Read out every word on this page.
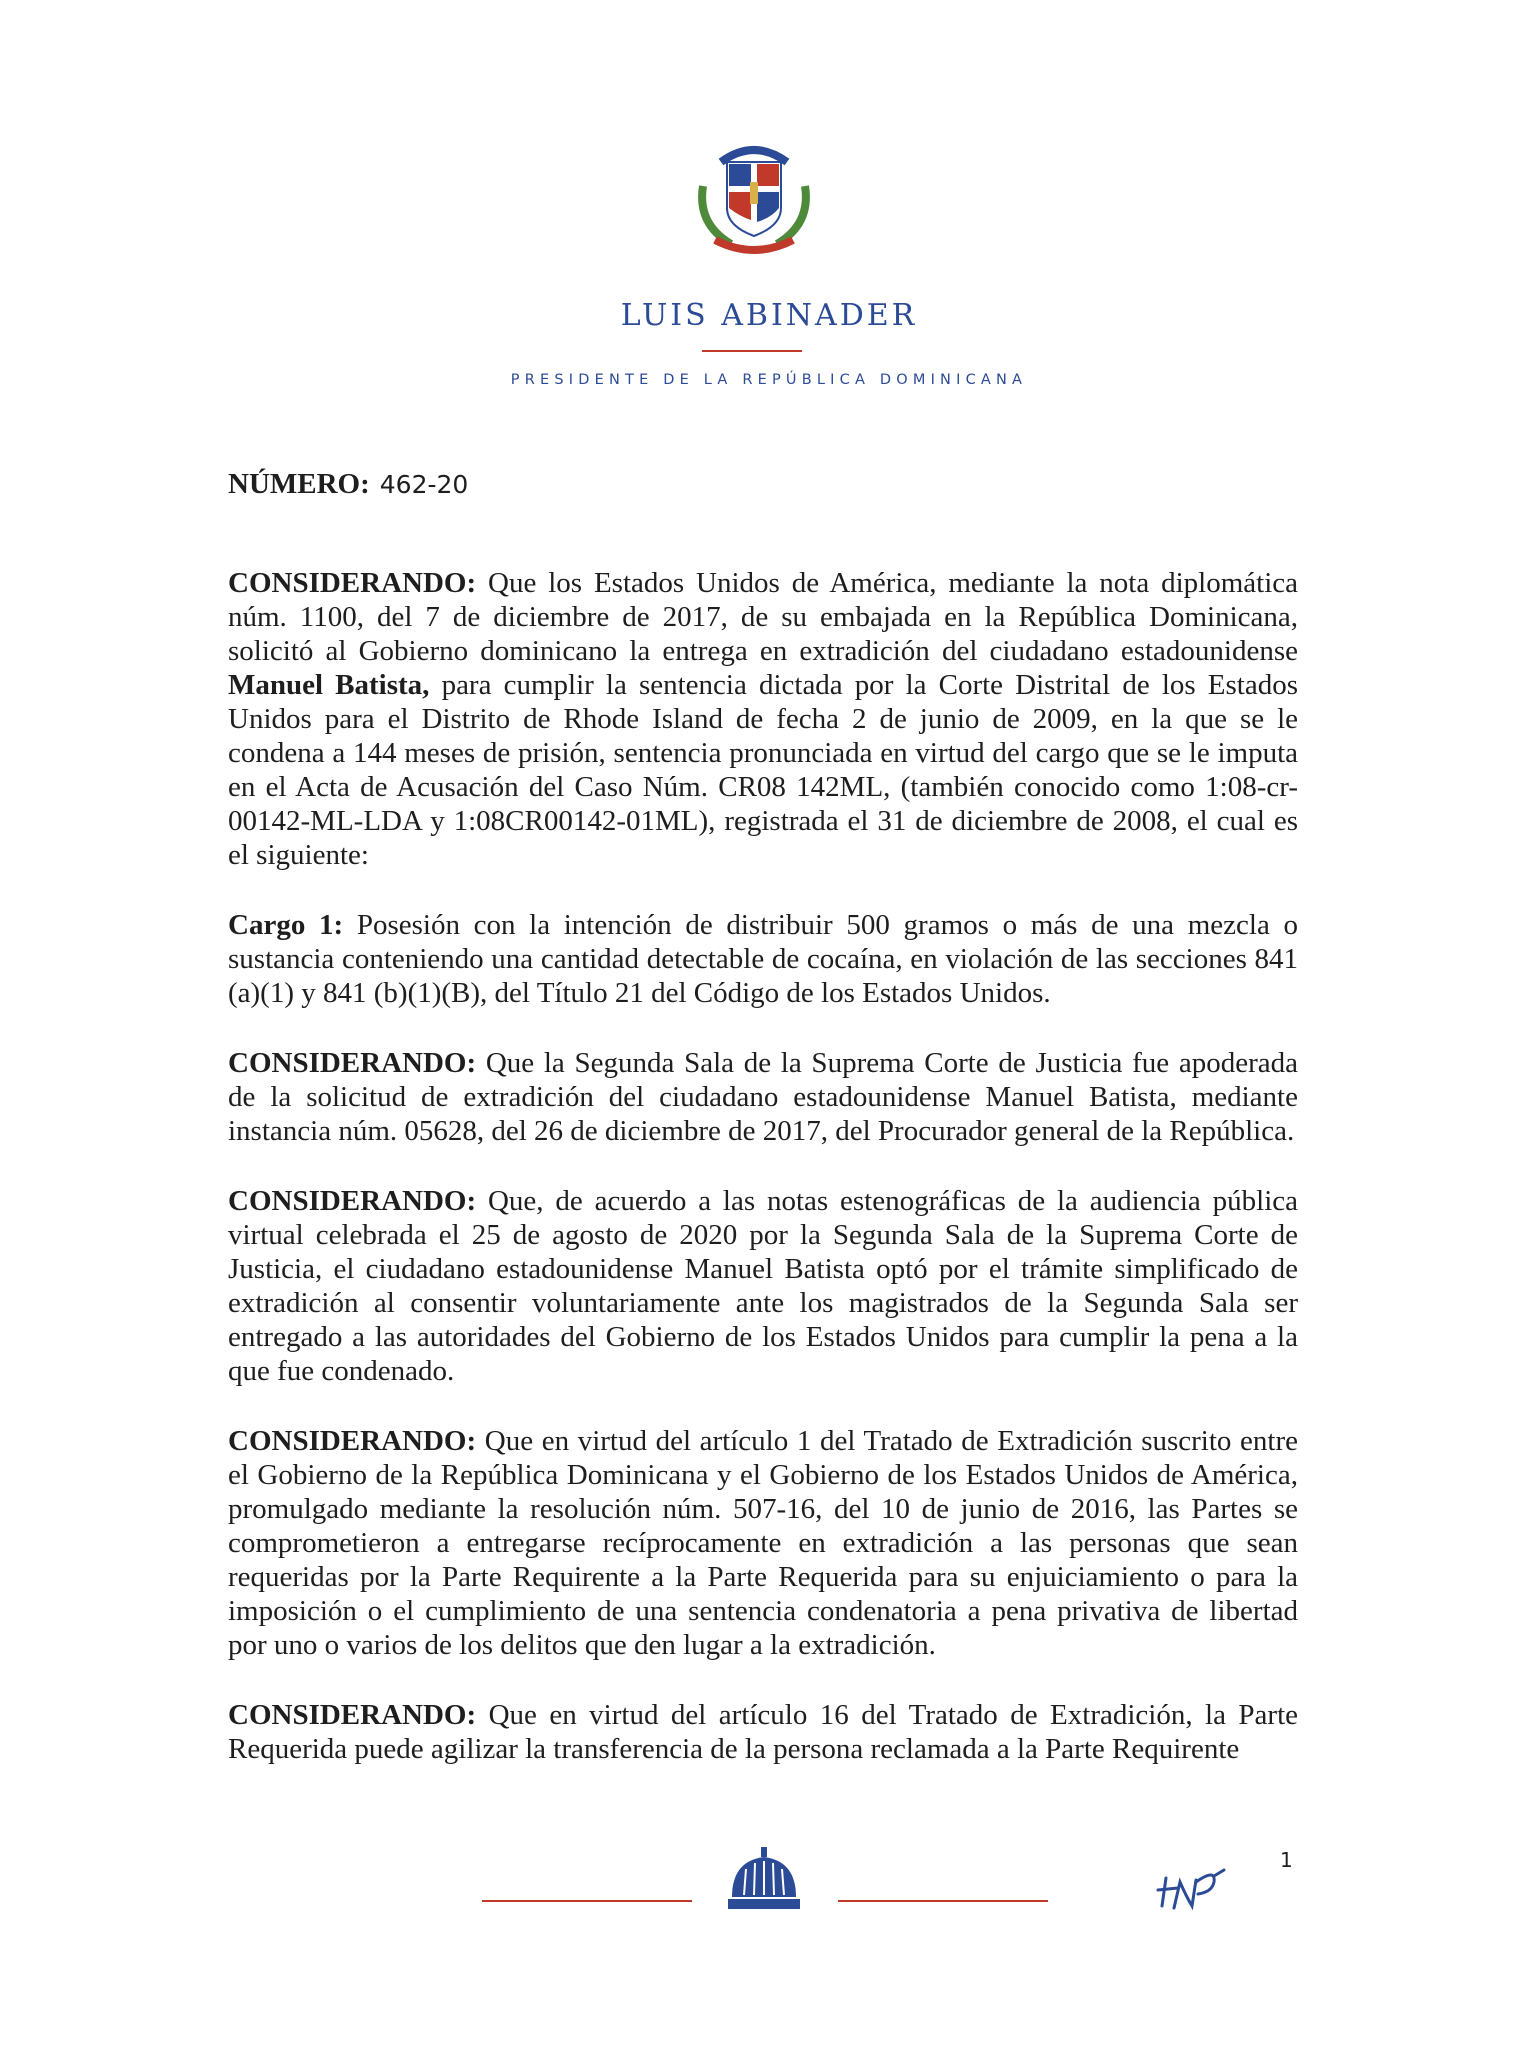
LUIS ABINADER
PRESIDENTE DE LA REPÚBLICA DOMINICANA
NÚMERO: 462-20

CONSIDERANDO: Que los Estados Unidos de América, mediante la nota diplomática núm. 1100, del 7 de diciembre de 2017, de su embajada en la República Dominicana, solicitó al Gobierno dominicano la entrega en extradición del ciudadano estadounidense Manuel Batista, para cumplir la sentencia dictada por la Corte Distrital de los Estados Unidos para el Distrito de Rhode Island de fecha 2 de junio de 2009, en la que se le condena a 144 meses de prisión, sentencia pronunciada en virtud del cargo que se le imputa en el Acta de Acusación del Caso Núm. CR08 142ML, (también conocido como 1:08-cr-00142-ML-LDA y 1:08CR00142-01ML), registrada el 31 de diciembre de 2008, el cual es el siguiente:

Cargo 1: Posesión con la intención de distribuir 500 gramos o más de una mezcla o sustancia conteniendo una cantidad detectable de cocaína, en violación de las secciones 841 (a)(1) y 841 (b)(1)(B), del Título 21 del Código de los Estados Unidos.

CONSIDERANDO: Que la Segunda Sala de la Suprema Corte de Justicia fue apoderada de la solicitud de extradición del ciudadano estadounidense Manuel Batista, mediante instancia núm. 05628, del 26 de diciembre de 2017, del Procurador general de la República.

CONSIDERANDO: Que, de acuerdo a las notas estenográficas de la audiencia pública virtual celebrada el 25 de agosto de 2020 por la Segunda Sala de la Suprema Corte de Justicia, el ciudadano estadounidense Manuel Batista optó por el trámite simplificado de extradición al consentir voluntariamente ante los magistrados de la Segunda Sala ser entregado a las autoridades del Gobierno de los Estados Unidos para cumplir la pena a la que fue condenado.

CONSIDERANDO: Que en virtud del artículo 1 del Tratado de Extradición suscrito entre el Gobierno de la República Dominicana y el Gobierno de los Estados Unidos de América, promulgado mediante la resolución núm. 507-16, del 10 de junio de 2016, las Partes se comprometieron a entregarse recíprocamente en extradición a las personas que sean requeridas por la Parte Requirente a la Parte Requerida para su enjuiciamiento o para la imposición o el cumplimiento de una sentencia condenatoria a pena privativa de libertad por uno o varios de los delitos que den lugar a la extradición.

CONSIDERANDO: Que en virtud del artículo 16 del Tratado de Extradición, la Parte Requerida puede agilizar la transferencia de la persona reclamada a la Parte Requirente

1
